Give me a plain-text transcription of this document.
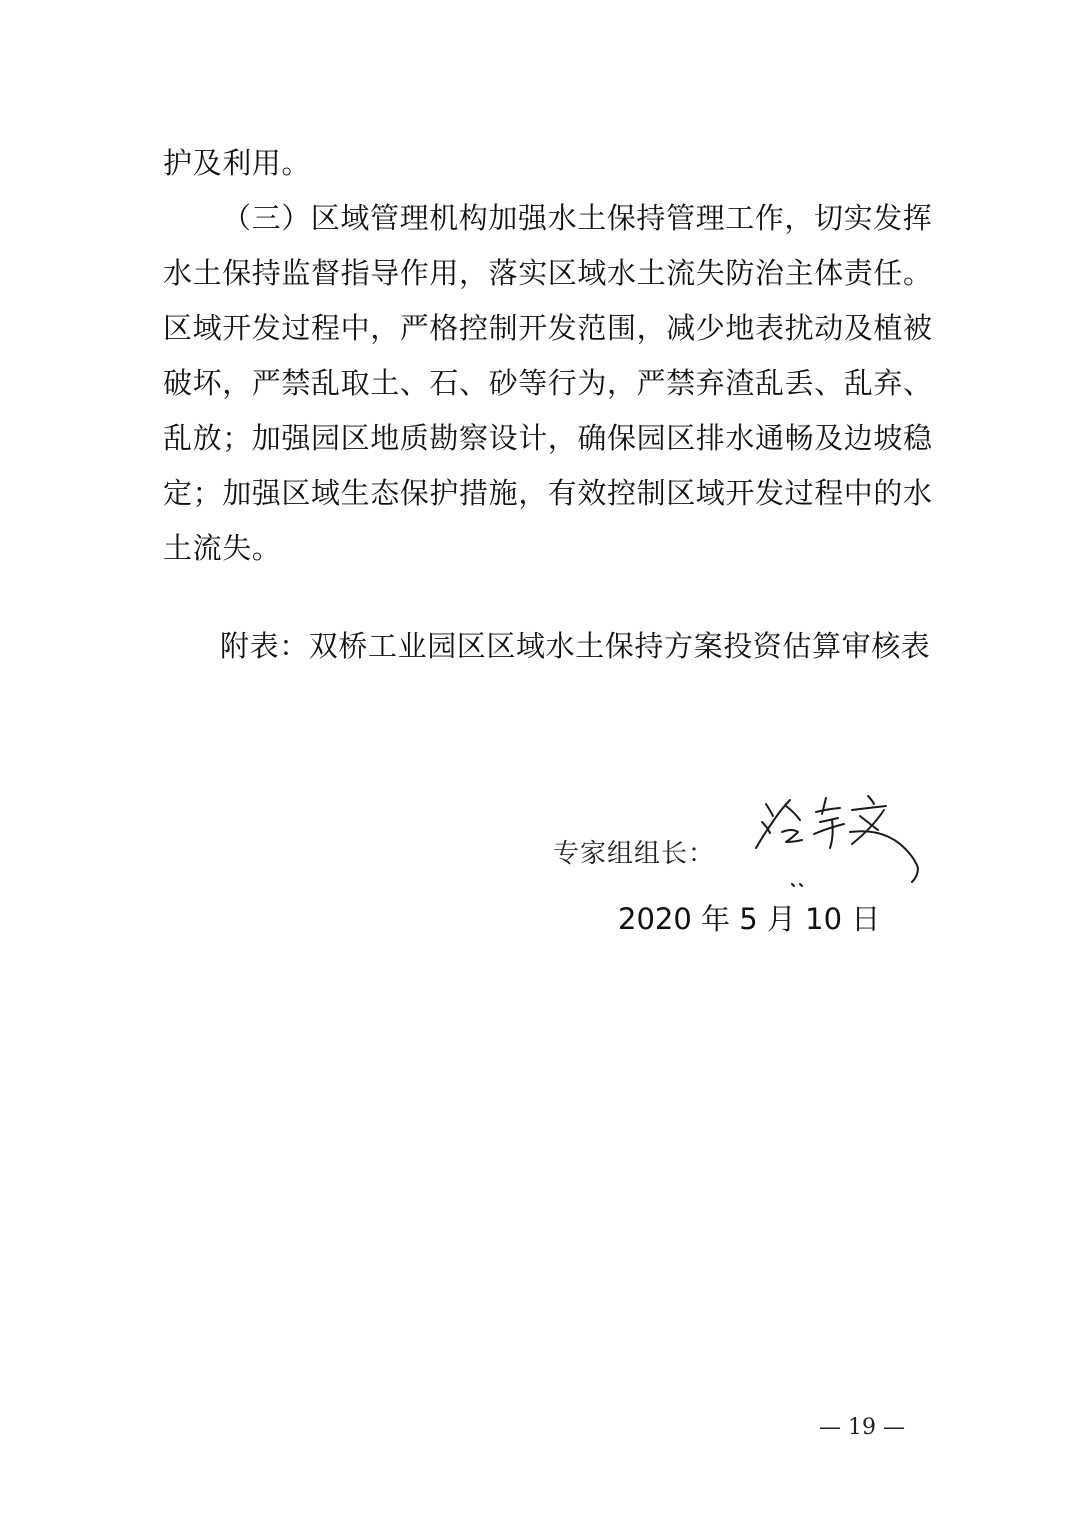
护及利用。
（三）区域管理机构加强水土保持管理工作，切实发挥
水土保持监督指导作用，落实区域水土流失防治主体责任。
区域开发过程中，严格控制开发范围，减少地表扰动及植被
破坏，严禁乱取土、石、砂等行为，严禁弃渣乱丢、乱弃、
乱放；加强园区地质勘察设计，确保园区排水通畅及边坡稳
定；加强区域生态保护措施，有效控制区域开发过程中的水
土流失。
附表：双桥工业园区区域水土保持方案投资估算审核表
专家组组长：
2020 年 5 月 10 日
— 19 —
